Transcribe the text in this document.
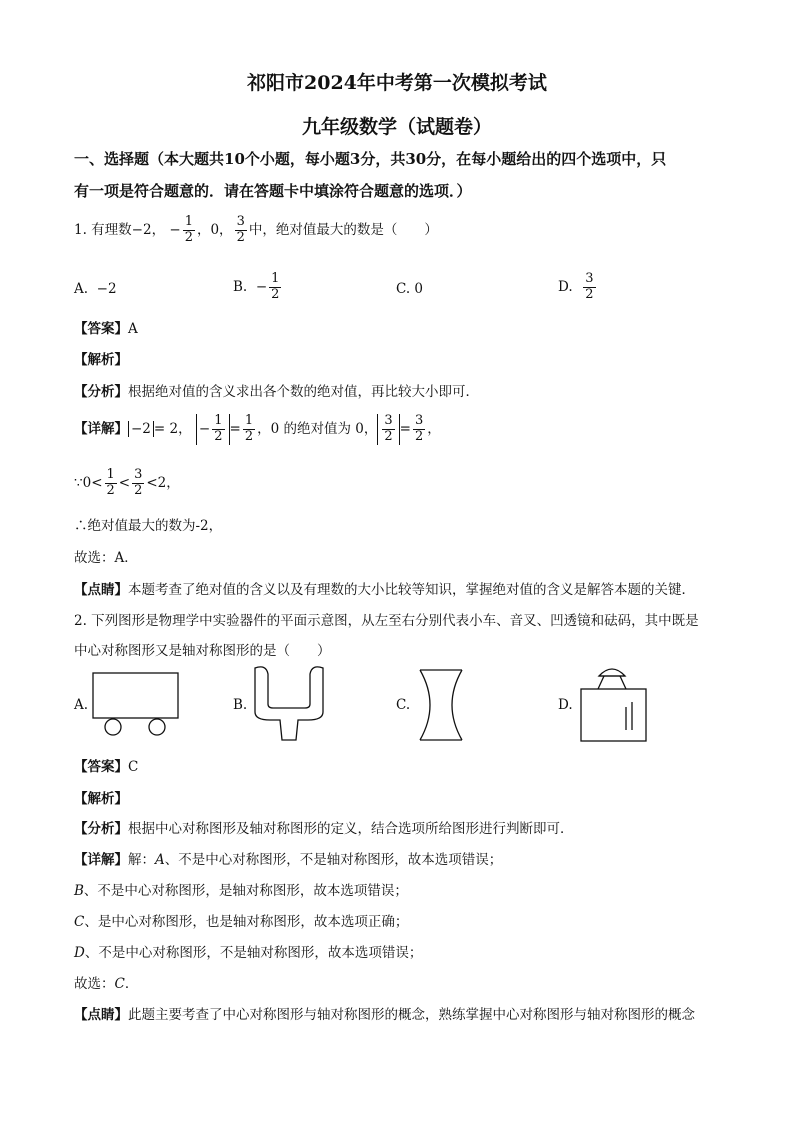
祁阳市2024年中考第一次模拟考试
九年级数学（试题卷）
一、选择题（本大题共10个小题，每小题3分，共30分，在每小题给出的四个选项中，只
有一项是符合题意的．请在答题卡中填涂符合题意的选项．）
1. 有理数−2， − $\frac{1}{2}$ ，0， $\frac{3}{2}$ 中，绝对值最大的数是（　　）
A. −2	B. − $\frac{1}{2}$	C. 0	D. $\frac{3}{2}$
【答案】A
【解析】
【分析】根据绝对值的含义求出各个数的绝对值，再比较大小即可．
【详解】 −2 = 2， − $\frac{1}{2} = \frac{1}{2}$ ，0 的绝对值为 0， $\frac{3}{2} = \frac{3}{2}$ ，
∵0< $\frac{1}{2} < \frac{3}{2} <2$，
∴绝对值最大的数为-2，
故选：A．
【点睛】本题考查了绝对值的含义以及有理数的大小比较等知识，掌握绝对值的含义是解答本题的关键．
2. 下列图形是物理学中实验器件的平面示意图，从左至右分别代表小车、音叉、凹透镜和砝码，其中既是
中心对称图形又是轴对称图形的是（　　）
A.	B.	C.	D.
【答案】C
【解析】
【分析】根据中心对称图形及轴对称图形的定义，结合选项所给图形进行判断即可．
【详解】解：A、不是中心对称图形，不是轴对称图形，故本选项错误；
B、不是中心对称图形，是轴对称图形，故本选项错误；
C、是中心对称图形，也是轴对称图形，故本选项正确；
D、不是中心对称图形，不是轴对称图形，故本选项错误；
故选：C．
【点睛】此题主要考查了中心对称图形与轴对称图形的概念，熟练掌握中心对称图形与轴对称图形的概念
